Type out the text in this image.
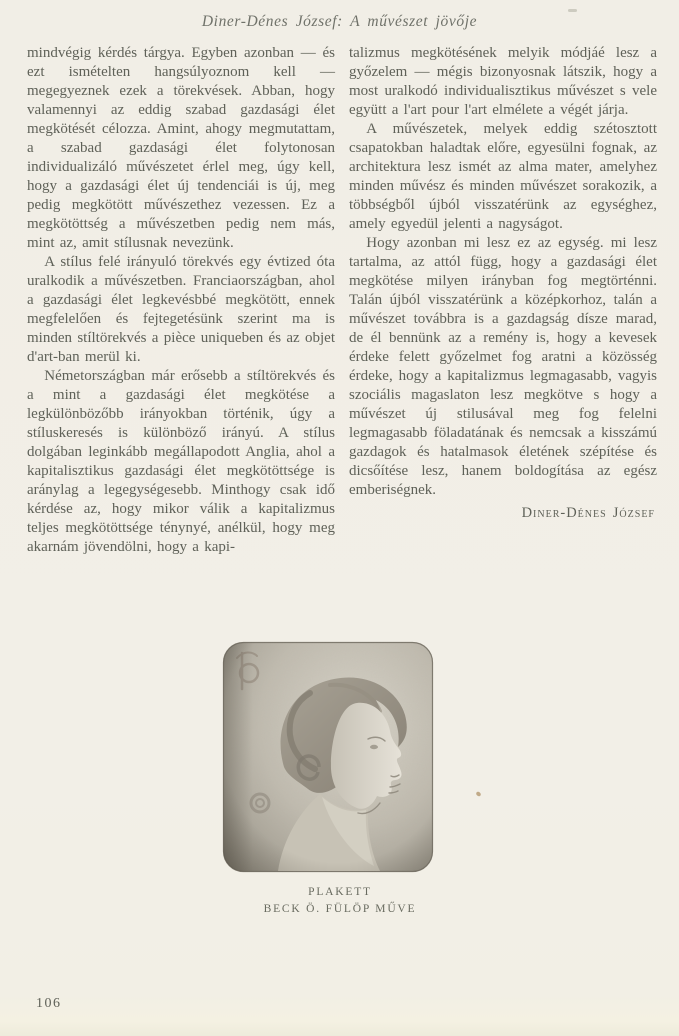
Diner-Dénes József: A művészet jövője

mindvégig kérdés tárgya. Egyben azonban — és ezt ismételten hangsúlyoznom kell — megegyeznek ezek a törekvések. Abban, hogy valamennyi az eddig szabad gazdasági élet megkötését célozza. Amint, ahogy megmutattam, a szabad gazdasági élet folytonosan individualizáló művészetet érlel meg, úgy kell, hogy a gazdasági élet új tendenciái is új, meg pedig megkötött művészethez vezessen. Ez a megkötöttség a művészetben pedig nem más, mint az, amit stílusnak nevezünk.

A stílus felé irányuló törekvés egy évtized óta uralkodik a művészetben. Franciaországban, ahol a gazdasági élet legkevésbbé megkötött, ennek megfelelően és fejtegetésünk szerint ma is minden stíltörekvés a pièce uniqueben és az objet d'art-ban merül ki.

Németországban már erősebb a stíltörekvés és a mint a gazdasági élet megkötése a legkülönbözőbb irányokban történik, úgy a stíluskeresés is különböző irányú. A stílus dolgában leginkább megállapodott Anglia, ahol a kapitalisztikus gazdasági élet megkötöttsége is aránylag a legegységesebb. Minthogy csak idő kérdése az, hogy mikor válik a kapitalizmus teljes megkötöttsége ténynyé, anélkül, hogy meg akarnám jövendölni, hogy a kapi-

talizmus megkötésének melyik módjáé lesz a győzelem — mégis bizonyosnak látszik, hogy a most uralkodó individualisztikus művészet s vele együtt a l'art pour l'art elmélete a végét járja.

A művészetek, melyek eddig szétosztott csapatokban haladtak előre, egyesülni fognak, az architektura lesz ismét az alma mater, amelyhez minden művész és minden művészet sorakozik, a többségből újból visszatérünk az egységhez, amely egyedül jelenti a nagyságot.

Hogy azonban mi lesz ez az egység. mi lesz tartalma, az attól függ, hogy a gazdasági élet megkötése milyen irányban fog megtörténni. Talán újból visszatérünk a középkorhoz, talán a művészet továbbra is a gazdagság dísze marad, de él bennünk az a remény is, hogy a kevesek érdeke felett győzelmet fog aratni a közösség érdeke, hogy a kapitalizmus legmagasabb, vagyis szociális magaslaton lesz megkötve s hogy a művészet új stilusával meg fog felelni legmagasabb föladatának és nemcsak a kisszámú gazdagok és hatalmasok életének szépítése és dicsőítése lesz, hanem boldogítása az egész emberiségnek.

Diner-Dénes József
PLAKETT
BECK Ö. FÜLÖP MŰVE
106
